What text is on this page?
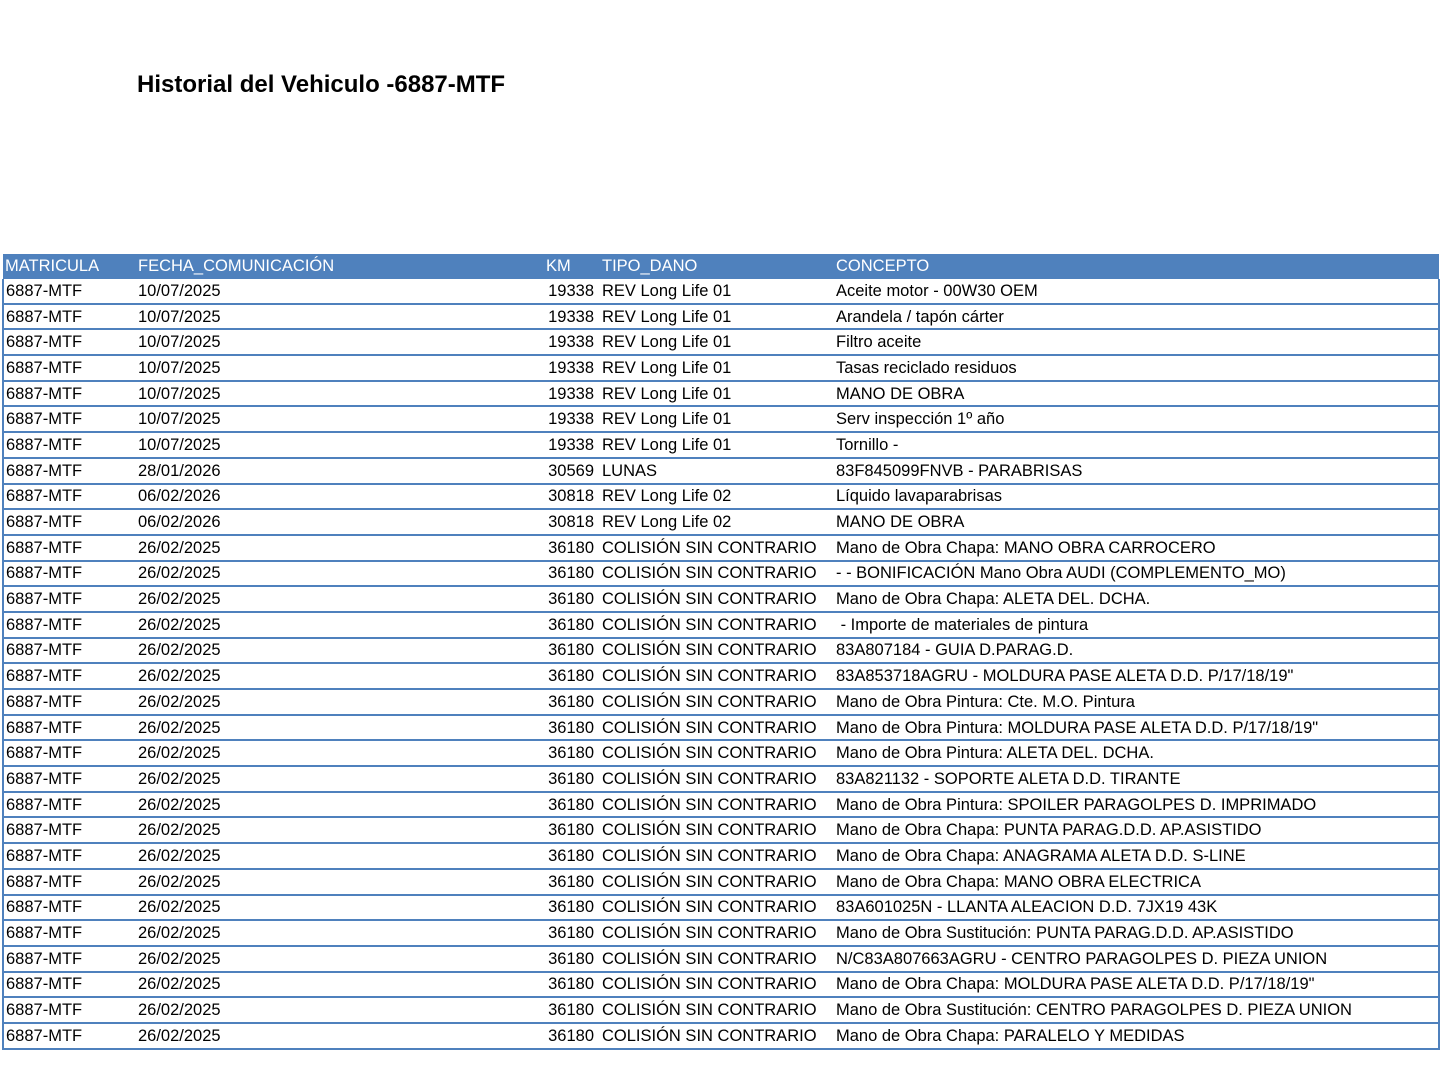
Historial del Vehiculo -6887-MTF
MATRICULA	FECHA_COMUNICACIÓN	KM	TIPO_DANO	CONCEPTO
6887-MTF	10/07/2025	19338	REV Long Life 01	Aceite motor - 00W30 OEM
6887-MTF	10/07/2025	19338	REV Long Life 01	Arandela / tapón cárter
6887-MTF	10/07/2025	19338	REV Long Life 01	Filtro aceite
6887-MTF	10/07/2025	19338	REV Long Life 01	Tasas reciclado residuos
6887-MTF	10/07/2025	19338	REV Long Life 01	MANO DE OBRA
6887-MTF	10/07/2025	19338	REV Long Life 01	Serv inspección 1º año
6887-MTF	10/07/2025	19338	REV Long Life 01	Tornillo -
6887-MTF	28/01/2026	30569	LUNAS	83F845099FNVB - PARABRISAS
6887-MTF	06/02/2026	30818	REV Long Life 02	Líquido lavaparabrisas
6887-MTF	06/02/2026	30818	REV Long Life 02	MANO DE OBRA
6887-MTF	26/02/2025	36180	COLISIÓN SIN CONTRARIO	Mano de Obra Chapa: MANO OBRA CARROCERO
6887-MTF	26/02/2025	36180	COLISIÓN SIN CONTRARIO	- - BONIFICACIÓN Mano Obra AUDI (COMPLEMENTO_MO)
6887-MTF	26/02/2025	36180	COLISIÓN SIN CONTRARIO	Mano de Obra Chapa: ALETA DEL. DCHA.
6887-MTF	26/02/2025	36180	COLISIÓN SIN CONTRARIO	- Importe de materiales de pintura
6887-MTF	26/02/2025	36180	COLISIÓN SIN CONTRARIO	83A807184 - GUIA D.PARAG.D.
6887-MTF	26/02/2025	36180	COLISIÓN SIN CONTRARIO	83A853718AGRU - MOLDURA PASE ALETA D.D. P/17/18/19"
6887-MTF	26/02/2025	36180	COLISIÓN SIN CONTRARIO	Mano de Obra Pintura: Cte. M.O. Pintura
6887-MTF	26/02/2025	36180	COLISIÓN SIN CONTRARIO	Mano de Obra Pintura: MOLDURA PASE ALETA D.D. P/17/18/19"
6887-MTF	26/02/2025	36180	COLISIÓN SIN CONTRARIO	Mano de Obra Pintura: ALETA DEL. DCHA.
6887-MTF	26/02/2025	36180	COLISIÓN SIN CONTRARIO	83A821132 - SOPORTE ALETA D.D. TIRANTE
6887-MTF	26/02/2025	36180	COLISIÓN SIN CONTRARIO	Mano de Obra Pintura: SPOILER PARAGOLPES D. IMPRIMADO
6887-MTF	26/02/2025	36180	COLISIÓN SIN CONTRARIO	Mano de Obra Chapa: PUNTA PARAG.D.D. AP.ASISTIDO
6887-MTF	26/02/2025	36180	COLISIÓN SIN CONTRARIO	Mano de Obra Chapa: ANAGRAMA ALETA D.D. S-LINE
6887-MTF	26/02/2025	36180	COLISIÓN SIN CONTRARIO	Mano de Obra Chapa: MANO OBRA ELECTRICA
6887-MTF	26/02/2025	36180	COLISIÓN SIN CONTRARIO	83A601025N - LLANTA ALEACION D.D. 7JX19 43K
6887-MTF	26/02/2025	36180	COLISIÓN SIN CONTRARIO	Mano de Obra Sustitución: PUNTA PARAG.D.D. AP.ASISTIDO
6887-MTF	26/02/2025	36180	COLISIÓN SIN CONTRARIO	N/C83A807663AGRU - CENTRO PARAGOLPES D. PIEZA UNION
6887-MTF	26/02/2025	36180	COLISIÓN SIN CONTRARIO	Mano de Obra Chapa: MOLDURA PASE ALETA D.D. P/17/18/19"
6887-MTF	26/02/2025	36180	COLISIÓN SIN CONTRARIO	Mano de Obra Sustitución: CENTRO PARAGOLPES D. PIEZA UNION
6887-MTF	26/02/2025	36180	COLISIÓN SIN CONTRARIO	Mano de Obra Chapa: PARALELO Y MEDIDAS
